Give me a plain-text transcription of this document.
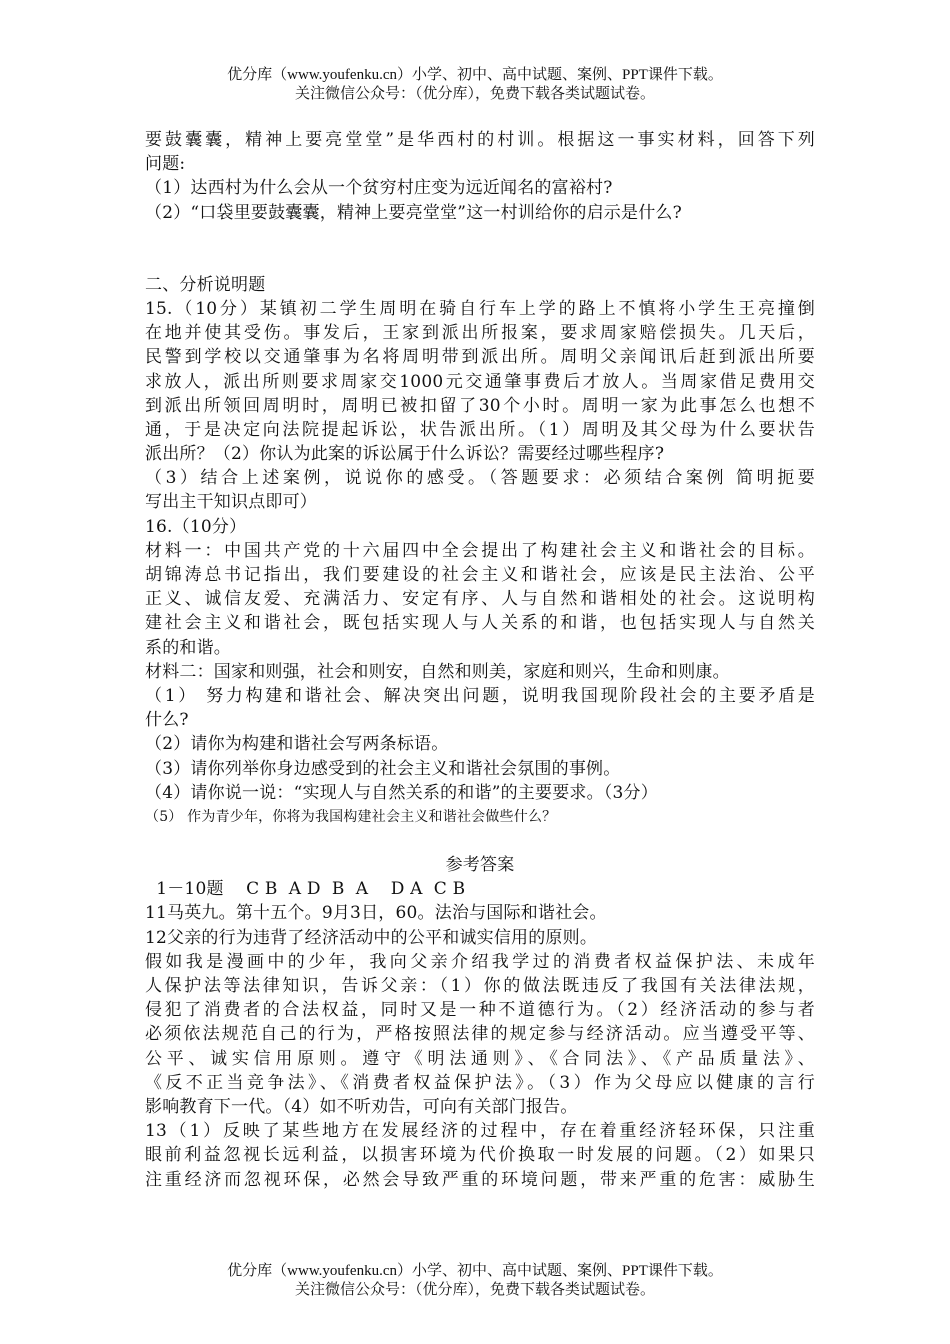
优分库（www.youfenku.cn）小学、初中、高中试题、案例、PPT课件下载。
关注微信公众号：（优分库），免费下载各类试题试卷。
要鼓囊囊，精神上要亮堂堂”是华西村的村训。根据这一事实材料，回答下列
问题:
（1）达西村为什么会从一个贫穷村庄变为远近闻名的富裕村?
（2）“口袋里要鼓囊囊，精神上要亮堂堂”这一村训给你的启示是什么?
二、分析说明题
15.（10分）某镇初二学生周明在骑自行车上学的路上不慎将小学生王亮撞倒
在地并使其受伤。事发后，王家到派出所报案，要求周家赔偿损失。几天后，
民警到学校以交通肇事为名将周明带到派出所。周明父亲闻讯后赶到派出所要
求放人，派出所则要求周家交1000元交通肇事费后才放人。当周家借足费用交
到派出所领回周明时，周明已被扣留了30个小时。周明一家为此事怎么也想不
通，于是决定向法院提起诉讼，状告派出所。（1）周明及其父母为什么要状告
派出所？（2）你认为此案的诉讼属于什么诉讼？需要经过哪些程序?
（3）结合上述案例，说说你的感受。（答题要求：必须结合案例 简明扼要
写出主干知识点即可）
16.（10分）
材料一：中国共产党的十六届四中全会提出了构建社会主义和谐社会的目标。
胡锦涛总书记指出，我们要建设的社会主义和谐社会，应该是民主法治、公平
正义、诚信友爱、充满活力、安定有序、人与自然和谐相处的社会。这说明构
建社会主义和谐社会，既包括实现人与人关系的和谐，也包括实现人与自然关
系的和谐。
材料二：国家和则强，社会和则安，自然和则美，家庭和则兴，生命和则康。
（1） 努力构建和谐社会、解决突出问题，说明我国现阶段社会的主要矛盾是
什么?
（2）请你为构建和谐社会写两条标语。
（3）请你列举你身边感受到的社会主义和谐社会氛围的事例。
（4）请你说一说：“实现人与自然关系的和谐”的主要要求。（3分）
（5） 作为青少年，你将为我国构建社会主义和谐社会做些什么？
参考答案
1－10题    C B  A D  B  A    D A  C B
11马英九。第十五个。9月3日，60。法治与国际和谐社会。
12父亲的行为违背了经济活动中的公平和诚实信用的原则。
假如我是漫画中的少年，我向父亲介绍我学过的消费者权益保护法、未成年
人保护法等法律知识，告诉父亲：（1）你的做法既违反了我国有关法律法规，
侵犯了消费者的合法权益，同时又是一种不道德行为。（2）经济活动的参与者
必须依法规范自己的行为，严格按照法律的规定参与经济活动。应当遵受平等、
公平、诚实信用原则。遵守《明法通则》、《合同法》、《产品质量法》、
《反不正当竞争法》、《消费者权益保护法》。（3）作为父母应以健康的言行
影响教育下一代。（4）如不听劝告，可向有关部门报告。
13（1）反映了某些地方在发展经济的过程中，存在着重经济轻环保，只注重
眼前利益忽视长远利益，以损害环境为代价换取一时发展的问题。（2）如果只
注重经济而忽视环保，必然会导致严重的环境问题，带来严重的危害：威胁生
优分库（www.youfenku.cn）小学、初中、高中试题、案例、PPT课件下载。
关注微信公众号：（优分库），免费下载各类试题试卷。
